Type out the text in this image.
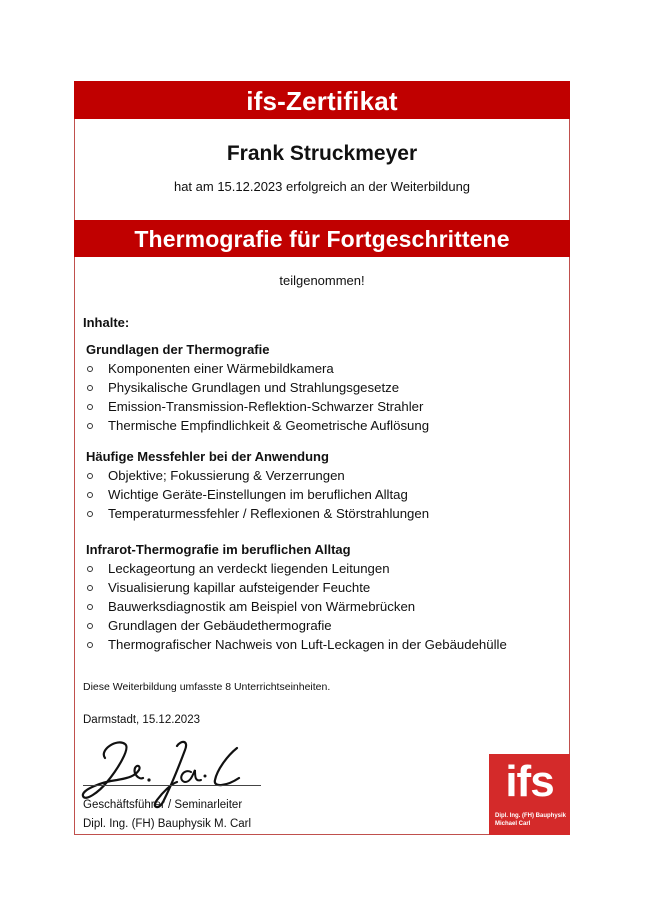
ifs-Zertifikat
Frank Struckmeyer
hat am 15.12.2023 erfolgreich an der Weiterbildung
Thermografie für Fortgeschrittene
teilgenommen!
Inhalte:
Grundlagen der Thermografie
Komponenten einer Wärmebildkamera
Physikalische Grundlagen und Strahlungsgesetze
Emission-Transmission-Reflektion-Schwarzer Strahler
Thermische Empfindlichkeit & Geometrische Auflösung
Häufige Messfehler bei der Anwendung
Objektive; Fokussierung & Verzerrungen
Wichtige Geräte-Einstellungen im beruflichen Alltag
Temperaturmessfehler / Reflexionen & Störstrahlungen
Infrarot-Thermografie im beruflichen Alltag
Leckageortung an verdeckt liegenden Leitungen
Visualisierung kapillar aufsteigender Feuchte
Bauwerksdiagnostik am Beispiel von Wärmebrücken
Grundlagen der Gebäudethermografie
Thermografischer Nachweis von Luft-Leckagen in der Gebäudehülle
Diese Weiterbildung umfasste 8 Unterrichtseinheiten.
Darmstadt, 15.12.2023
Geschäftsführer / Seminarleiter
Dipl. Ing. (FH) Bauphysik M. Carl
ifs
Dipl. Ing. (FH) Bauphysik
Michael Carl
